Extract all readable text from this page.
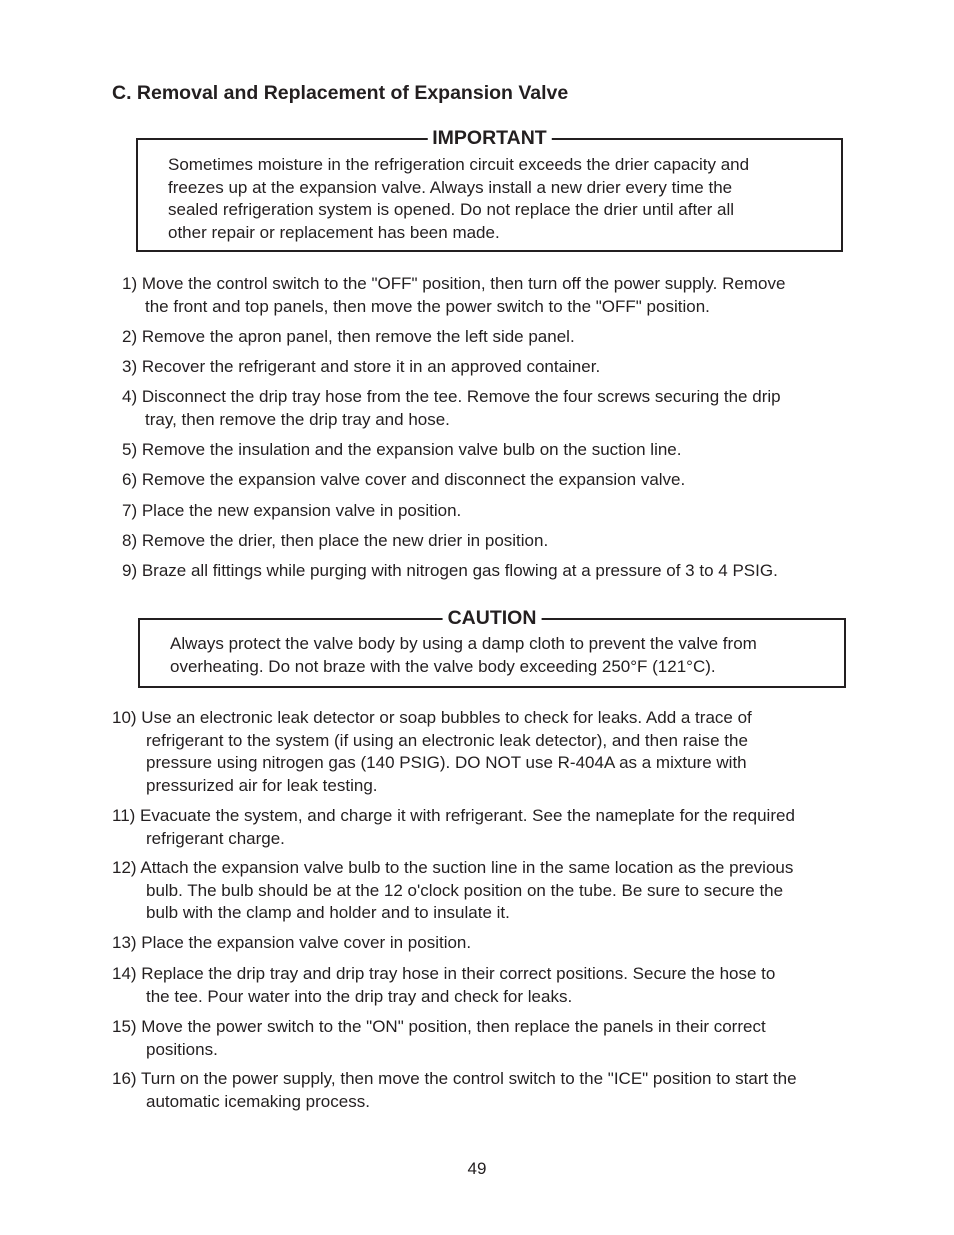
C. Removal and Replacement of Expansion Valve
IMPORTANT
Sometimes moisture in the refrigeration circuit exceeds the drier capacity and
freezes up at the expansion valve. Always install a new drier every time the
sealed refrigeration system is opened. Do not replace the drier until after all
other repair or replacement has been made.
1) Move the control switch to the "OFF" position, then turn off the power supply. Remove
the front and top panels, then move the power switch to the "OFF" position.
2) Remove the apron panel, then remove the left side panel.
3) Recover the refrigerant and store it in an approved container.
4) Disconnect the drip tray hose from the tee. Remove the four screws securing the drip
tray, then remove the drip tray and hose.
5) Remove the insulation and the expansion valve bulb on the suction line.
6) Remove the expansion valve cover and disconnect the expansion valve.
7) Place the new expansion valve in position.
8) Remove the drier, then place the new drier in position.
9) Braze all fittings while purging with nitrogen gas flowing at a pressure of 3 to 4 PSIG.
CAUTION
Always protect the valve body by using a damp cloth to prevent the valve from
overheating. Do not braze with the valve body exceeding 250°F (121°C).
10) Use an electronic leak detector or soap bubbles to check for leaks. Add a trace of
refrigerant to the system (if using an electronic leak detector), and then raise the
pressure using nitrogen gas (140 PSIG). DO NOT use R-404A as a mixture with
pressurized air for leak testing.
11) Evacuate the system, and charge it with refrigerant. See the nameplate for the required
refrigerant charge.
12) Attach the expansion valve bulb to the suction line in the same location as the previous
bulb. The bulb should be at the 12 o'clock position on the tube. Be sure to secure the
bulb with the clamp and holder and to insulate it.
13) Place the expansion valve cover in position.
14) Replace the drip tray and drip tray hose in their correct positions. Secure the hose to
the tee. Pour water into the drip tray and check for leaks.
15) Move the power switch to the "ON" position, then replace the panels in their correct
positions.
16) Turn on the power supply, then move the control switch to the "ICE" position to start the
automatic icemaking process.
49
